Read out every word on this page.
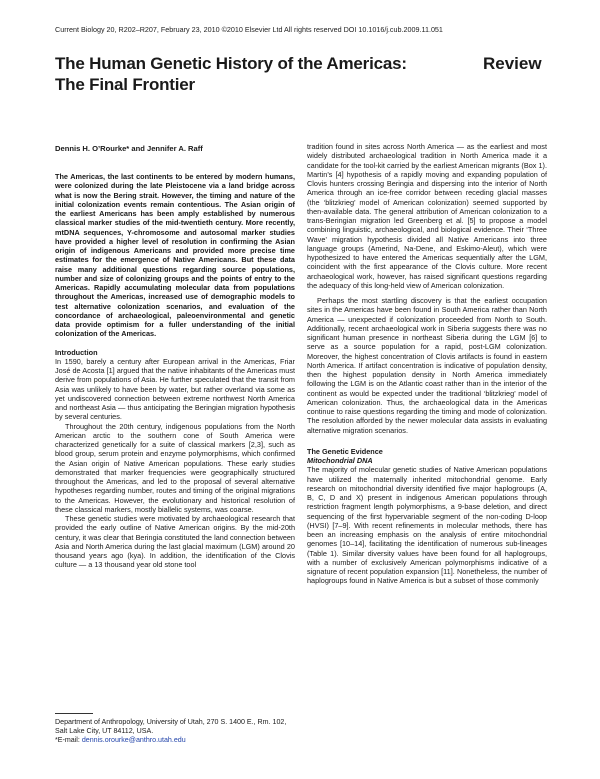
Current Biology 20, R202–R207, February 23, 2010 ©2010 Elsevier Ltd All rights reserved DOI 10.1016/j.cub.2009.11.051
The Human Genetic History of the Americas:
The Final Frontier
Review
Dennis H. O’Rourke* and Jennifer A. Raff

The Americas, the last continents to be entered by modern humans, were colonized during the late Pleistocene via a land bridge across what is now the Bering strait. However, the timing and nature of the initial colonization events remain contentious. The Asian origin of the earliest Americans has been amply established by numerous classical marker studies of the mid-twentieth century. More recently, mtDNA sequences, Y-chromosome and autosomal marker studies have provided a higher level of resolution in confirming the Asian origin of indigenous Americans and provided more precise time estimates for the emergence of Native Americans. But these data raise many additional questions regarding source populations, number and size of colonizing groups and the points of entry to the Americas. Rapidly accumulating molecular data from populations throughout the Americas, increased use of demographic models to test alternative colonization scenarios, and evaluation of the concordance of archaeological, paleoenvironmental and genetic data provide optimism for a fuller understanding of the initial colonization of the Americas.

Introduction

In 1590, barely a century after European arrival in the Americas, Friar José de Acosta [1] argued that the native inhabitants of the Americas must derive from populations of Asia. He further speculated that the transit from Asia was unlikely to have been by water, but rather overland via some as yet undiscovered connection between extreme northwest North America and northeast Asia — thus anticipating the Beringian migration hypothesis by several centuries.

Throughout the 20th century, indigenous populations from the North American arctic to the southern cone of South America were characterized genetically for a suite of classical markers [2,3], such as blood group, serum protein and enzyme polymorphisms, which confirmed the Asian origin of Native American populations. These early studies demonstrated that marker frequencies were geographically structured throughout the Americas, and led to the proposal of several alternative hypotheses regarding number, routes and timing of the original migrations to the Americas. However, the evolutionary and historical resolution of these classical markers, mostly biallelic systems, was coarse.

These genetic studies were motivated by archaeological research that provided the early outline of Native American origins. By the mid-20th century, it was clear that Beringia constituted the land connection between Asia and North America during the last glacial maximum (LGM) around 20 thousand years ago (kya). In addition, the identification of the Clovis culture — a 13 thousand year old stone tool

tradition found in sites across North America — as the earliest and most widely distributed archaeological tradition in North America made it a candidate for the tool-kit carried by the earliest American migrants (Box 1). Martin’s [4] hypothesis of a rapidly moving and expanding population of Clovis hunters crossing Beringia and dispersing into the interior of North America through an ice-free corridor between receding glacial masses (the ‘blitzkrieg’ model of American colonization) seemed supported by then-available data. The general attribution of American colonization to a trans-Beringian migration led Greenberg et al. [5] to propose a model combining linguistic, archaeological, and biological evidence. Their ‘Three Wave’ migration hypothesis divided all Native Americans into three language groups (Amerind, Na-Dene, and Eskimo-Aleut), which were hypothesized to have entered the Americas sequentially after the LGM, coincident with the first appearance of the Clovis culture. More recent archaeological work, however, has raised significant questions regarding the adequacy of this long-held view of American colonization.

Perhaps the most startling discovery is that the earliest occupation sites in the Americas have been found in South America rather than North America — unexpected if colonization proceeded from North to South. Additionally, recent archaeological work in Siberia suggests there was no significant human presence in northeast Siberia during the LGM [6] to serve as a source population for a rapid, post-LGM colonization. Moreover, the highest concentration of Clovis artifacts is found in eastern North America. If artifact concentration is indicative of population density, then the highest population density in North America immediately following the LGM is on the Atlantic coast rather than in the interior of the continent as would be expected under the traditional ‘blitzkrieg’ model of American colonization. Thus, the archaeological data in the Americas continue to raise questions regarding the timing and mode of colonization. The resolution afforded by the newer molecular data assists in evaluating alternative migration scenarios.

The Genetic Evidence

Mitochondrial DNA

The majority of molecular genetic studies of Native American populations have utilized the maternally inherited mitochondrial genome. Early research on mitochondrial diversity identified five major haplogroups (A, B, C, D and X) present in indigenous American populations through restriction fragment length polymorphisms, a 9-base deletion, and direct sequencing of the first hypervariable segment of the non-coding D-loop (HVSI) [7–9]. With recent refinements in molecular methods, there has been an increasing emphasis on the analysis of entire mitochondrial genomes [10–14], facilitating the identification of numerous sub-lineages (Table 1). Similar diversity values have been found for all haplogroups, with a number of exclusively American polymorphisms indicative of a signature of recent population expansion [11]. Nonetheless, the number of haplogroups found in Native America is but a subset of those commonly

Department of Anthropology, University of Utah, 270 S. 1400 E., Rm. 102, Salt Lake City, UT 84112, USA.

*E-mail: dennis.orourke@anthro.utah.edu
